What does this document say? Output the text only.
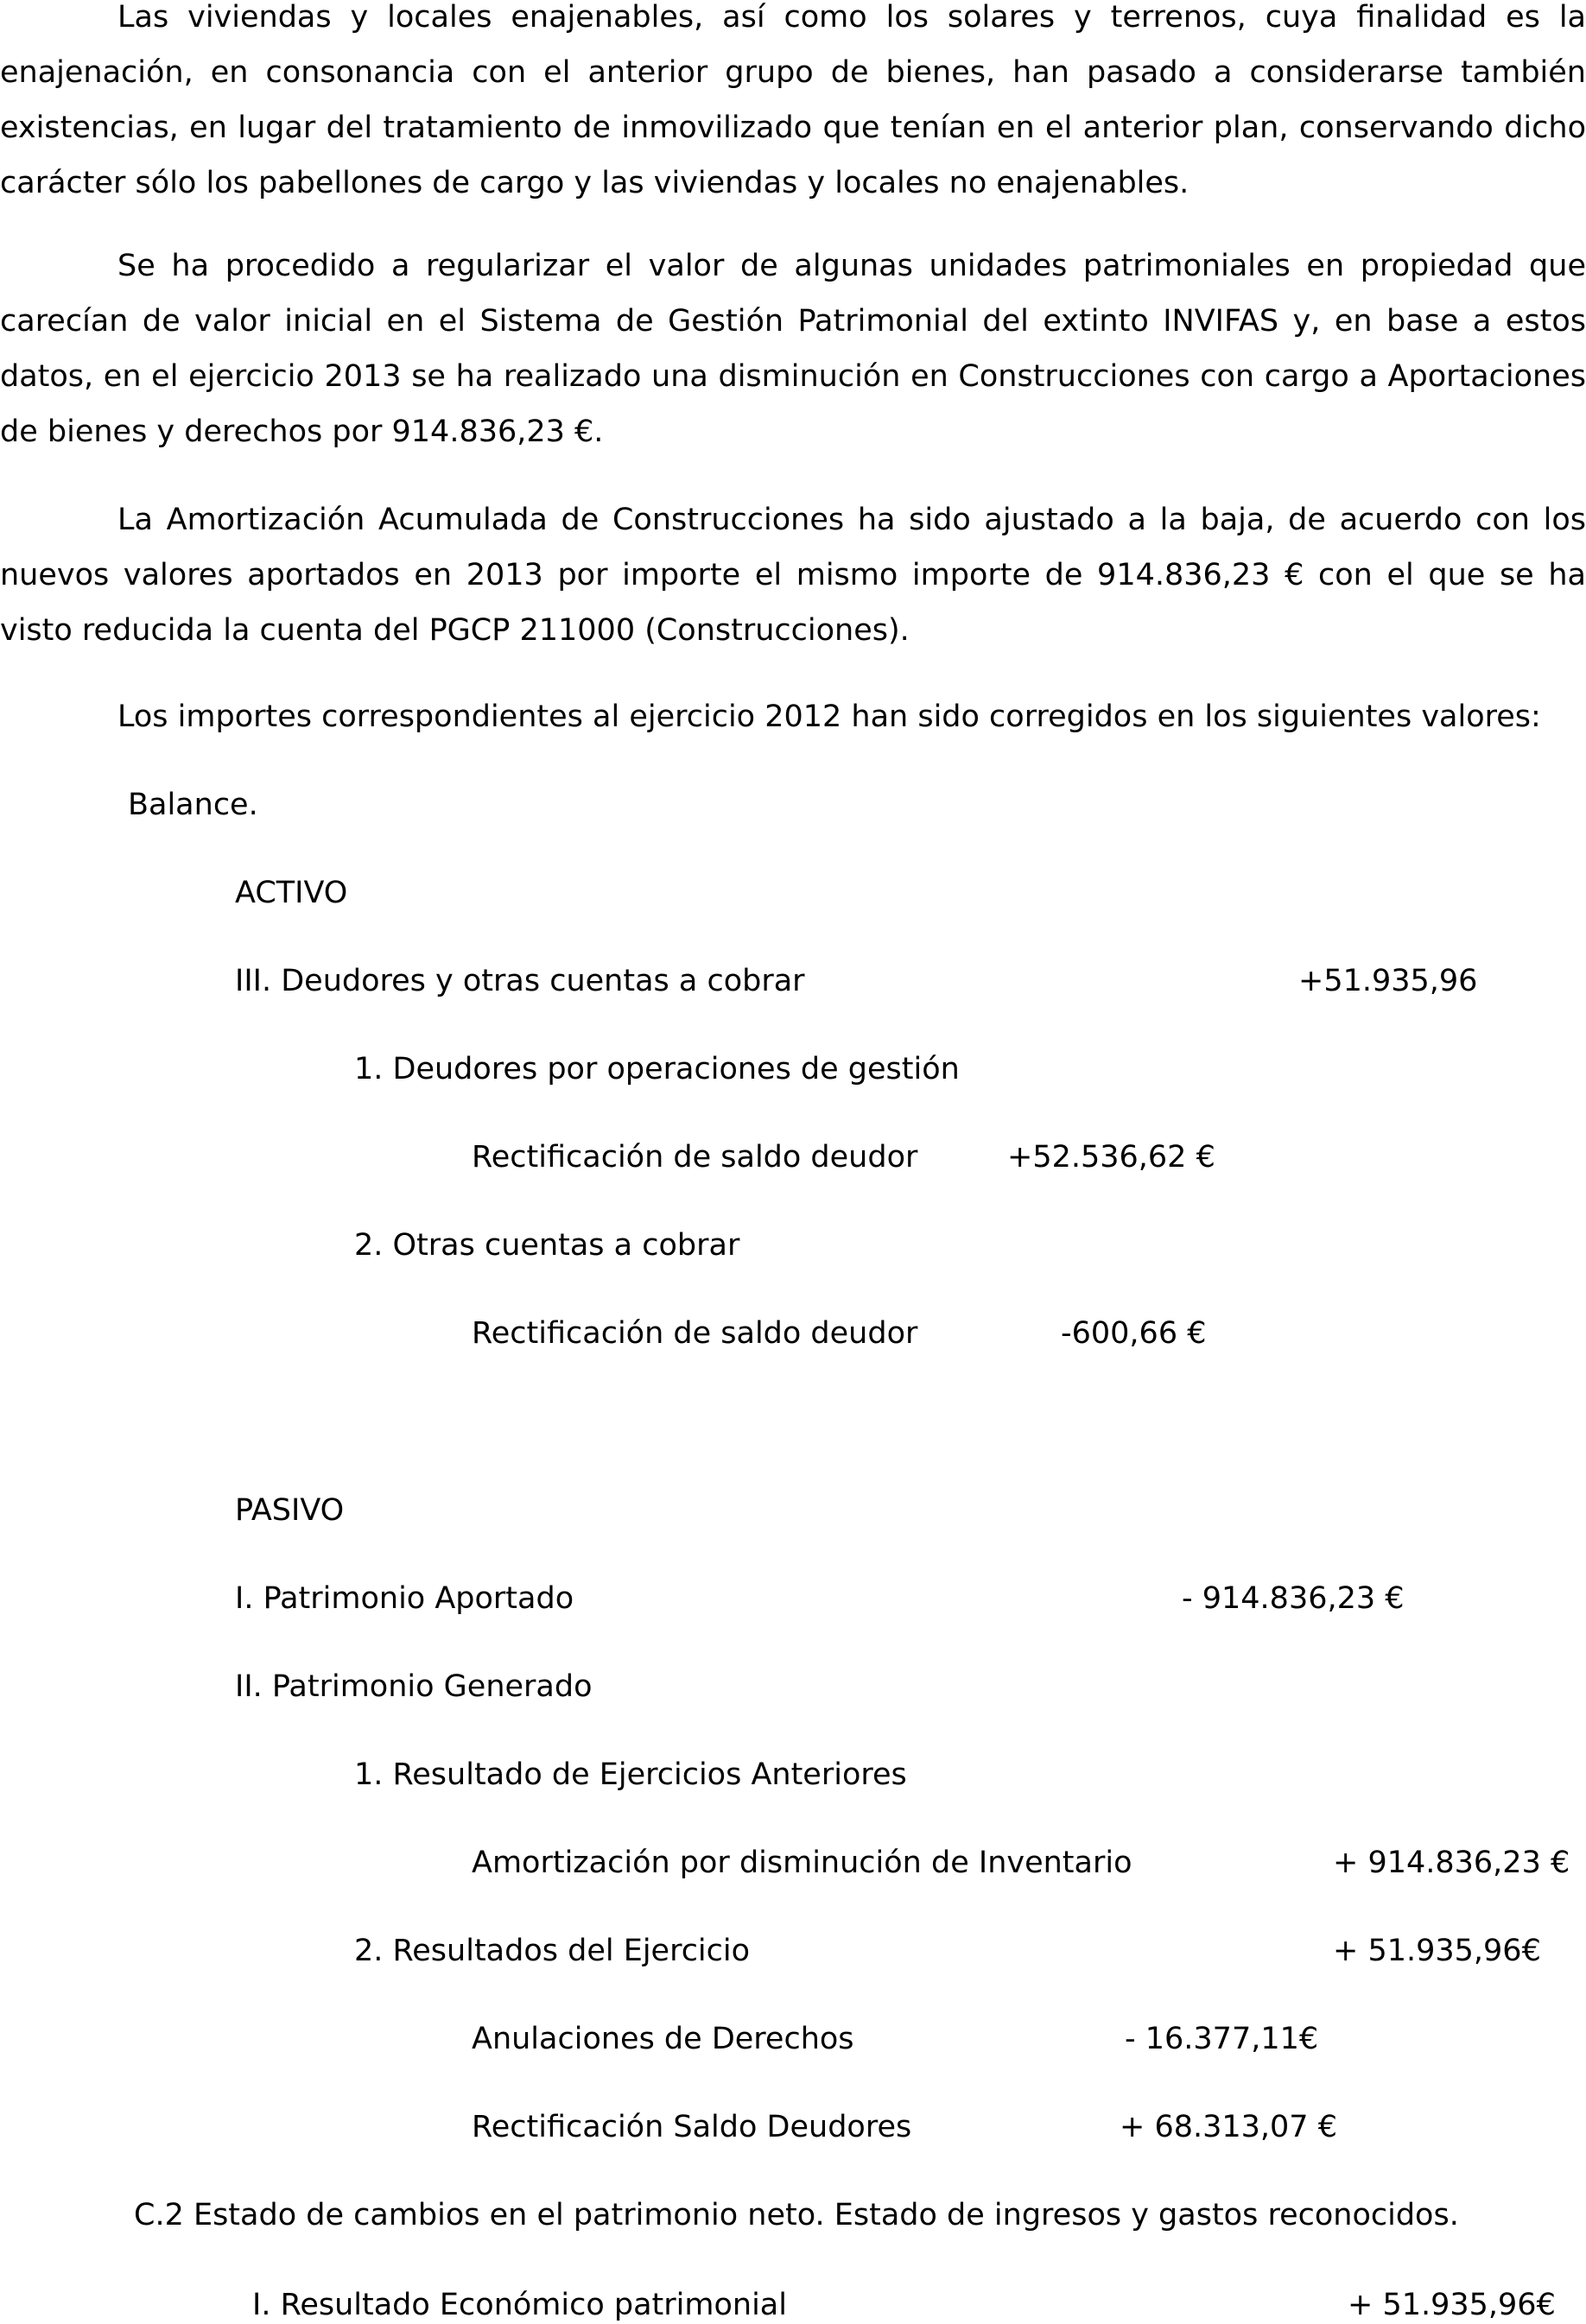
Las viviendas y locales enajenables, así como los solares y terrenos, cuya finalidad es la enajenación, en consonancia con el anterior grupo de bienes, han pasado a considerarse también existencias, en lugar del tratamiento de inmovilizado que tenían en el anterior plan, conservando dicho carácter sólo los pabellones de cargo y las viviendas y locales no enajenables.

Se ha procedido a regularizar el valor de algunas unidades patrimoniales en propiedad que carecían de valor inicial en el Sistema de Gestión Patrimonial del extinto INVIFAS y, en base a estos datos, en el ejercicio 2013 se ha realizado una disminución en Construcciones con cargo a Aportaciones de bienes y derechos por 914.836,23 €.

La Amortización Acumulada de Construcciones ha sido ajustado a la baja, de acuerdo con los nuevos valores aportados en 2013 por importe el mismo importe de 914.836,23 € con el que se ha visto reducida la cuenta del PGCP 211000 (Construcciones).

Los importes correspondientes al ejercicio 2012 han sido corregidos en los siguientes valores:
Balance.
ACTIVO
III. Deudores y otras cuentas a cobrar	+51.935,96
1. Deudores por operaciones de gestión
Rectificación de saldo deudor	+52.536,62 €
2. Otras cuentas a cobrar
Rectificación de saldo deudor	-600,66 €
PASIVO
I. Patrimonio Aportado	- 914.836,23 €
II. Patrimonio Generado
1. Resultado de Ejercicios Anteriores
Amortización por disminución de Inventario	+ 914.836,23 €
2. Resultados del Ejercicio	+ 51.935,96€
Anulaciones de Derechos	- 16.377,11€
Rectificación Saldo Deudores	+ 68.313,07 €
C.2 Estado de cambios en el patrimonio neto. Estado de ingresos y gastos reconocidos.
I. Resultado Económico patrimonial	+ 51.935,96€
